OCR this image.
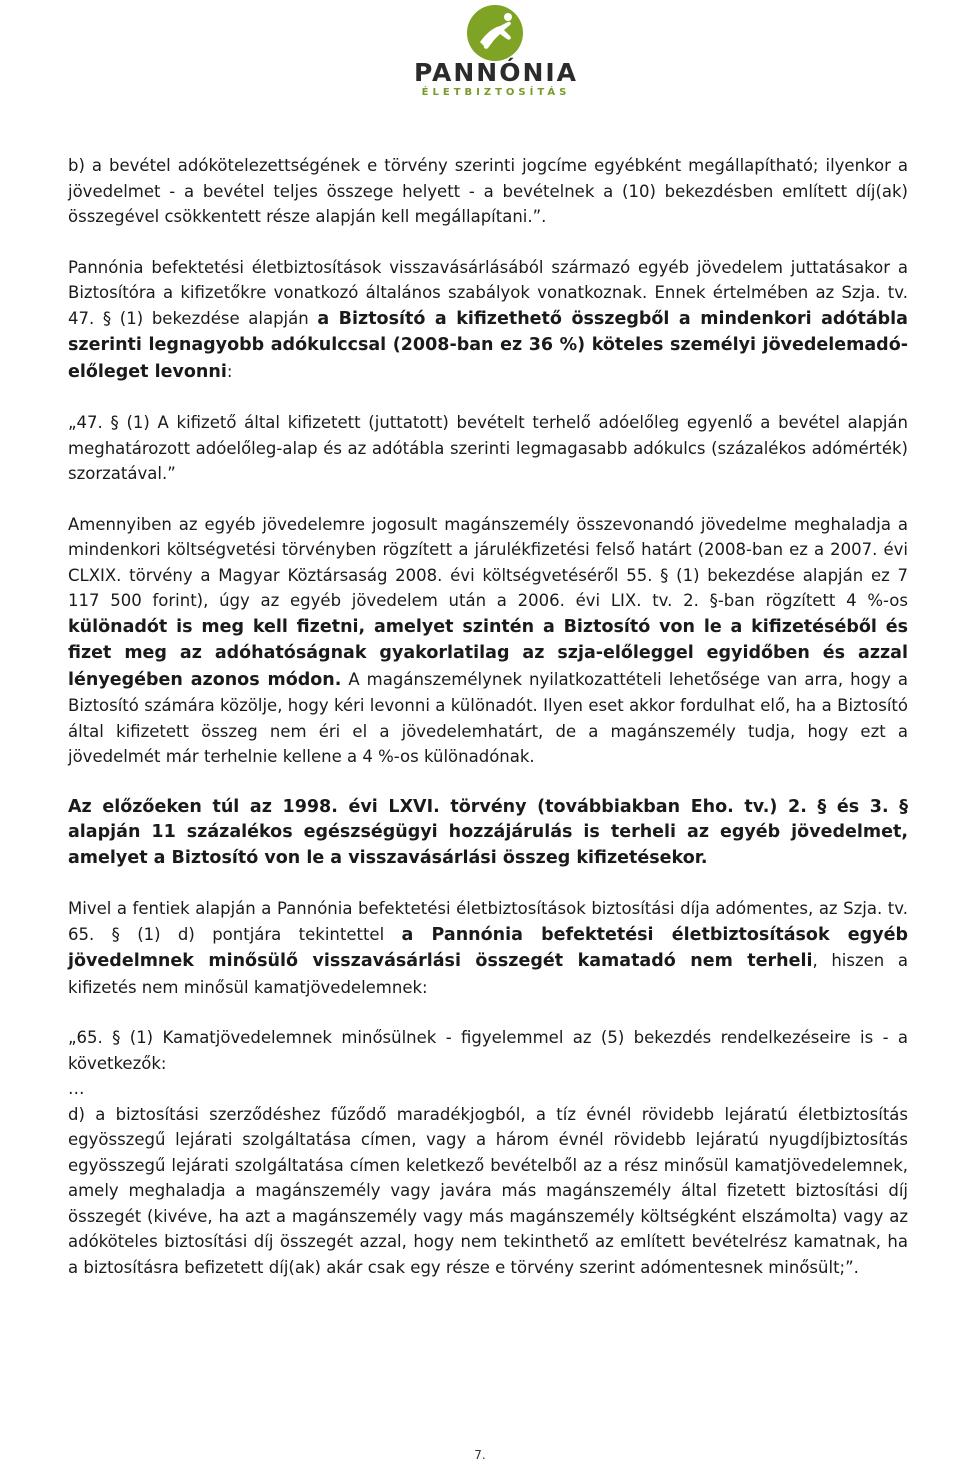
PANNÓNIA
ÉLETBIZTOSÍTÁS

b) a bevétel adókötelezettségének e törvény szerinti jogcíme egyébként megállapítható; ilyenkor a jövedelmet - a bevétel teljes összege helyett - a bevételnek a (10) bekezdésben említett díj(ak) összegével csökkentett része alapján kell megállapítani.”.

Pannónia befektetési életbiztosítások visszavásárlásából származó egyéb jövedelem juttatásakor a Biztosítóra a kifizetőkre vonatkozó általános szabályok vonatkoznak. Ennek értelmében az Szja. tv. 47. § (1) bekezdése alapján a Biztosító a kifizethető összegből a mindenkori adótábla szerinti legnagyobb adókulccsal (2008-ban ez 36 %) köteles személyi jövedelemadó-előleget levonni:

„47. § (1) A kifizető által kifizetett (juttatott) bevételt terhelő adóelőleg egyenlő a bevétel alapján meghatározott adóelőleg-alap és az adótábla szerinti legmagasabb adókulcs (százalékos adómérték) szorzatával.”

Amennyiben az egyéb jövedelemre jogosult magánszemély összevonandó jövedelme meghaladja a mindenkori költségvetési törvényben rögzített a járulékfizetési felső határt (2008-ban ez a 2007. évi CLXIX. törvény a Magyar Köztársaság 2008. évi költségvetéséről 55. § (1) bekezdése alapján ez 7 117 500 forint), úgy az egyéb jövedelem után a 2006. évi LIX. tv. 2. §-ban rögzített 4 %-os különadót is meg kell fizetni, amelyet szintén a Biztosító von le a kifizetéséből és fizet meg az adóhatóságnak gyakorlatilag az szja-előleggel egyidőben és azzal lényegében azonos módon. A magánszemélynek nyilatkozattételi lehetősége van arra, hogy a Biztosító számára közölje, hogy kéri levonni a különadót. Ilyen eset akkor fordulhat elő, ha a Biztosító által kifizetett összeg nem éri el a jövedelemhatárt, de a magánszemély tudja, hogy ezt a jövedelmét már terhelnie kellene a 4 %-os különadónak.

Az előzőeken túl az 1998. évi LXVI. törvény (továbbiakban Eho. tv.) 2. § és 3. § alapján 11 százalékos egészségügyi hozzájárulás is terheli az egyéb jövedelmet, amelyet a Biztosító von le a visszavásárlási összeg kifizetésekor.

Mivel a fentiek alapján a Pannónia befektetési életbiztosítások biztosítási díja adómentes, az Szja. tv. 65. § (1) d) pontjára tekintettel a Pannónia befektetési életbiztosítások egyéb jövedelmnek minősülő visszavásárlási összegét kamatadó nem terheli, hiszen a kifizetés nem minősül kamatjövedelemnek:

„65. § (1) Kamatjövedelemnek minősülnek - figyelemmel az (5) bekezdés rendelkezéseire is - a következők:

…

d) a biztosítási szerződéshez fűződő maradékjogból, a tíz évnél rövidebb lejáratú életbiztosítás egyösszegű lejárati szolgáltatása címen, vagy a három évnél rövidebb lejáratú nyugdíjbiztosítás egyösszegű lejárati szolgáltatása címen keletkező bevételből az a rész minősül kamatjövedelemnek, amely meghaladja a magánszemély vagy javára más magánszemély által fizetett biztosítási díj összegét (kivéve, ha azt a magánszemély vagy más magánszemély költségként elszámolta) vagy az adóköteles biztosítási díj összegét azzal, hogy nem tekinthető az említett bevételrész kamatnak, ha a biztosításra befizetett díj(ak) akár csak egy része e törvény szerint adómentesnek minősült;”.

7.
